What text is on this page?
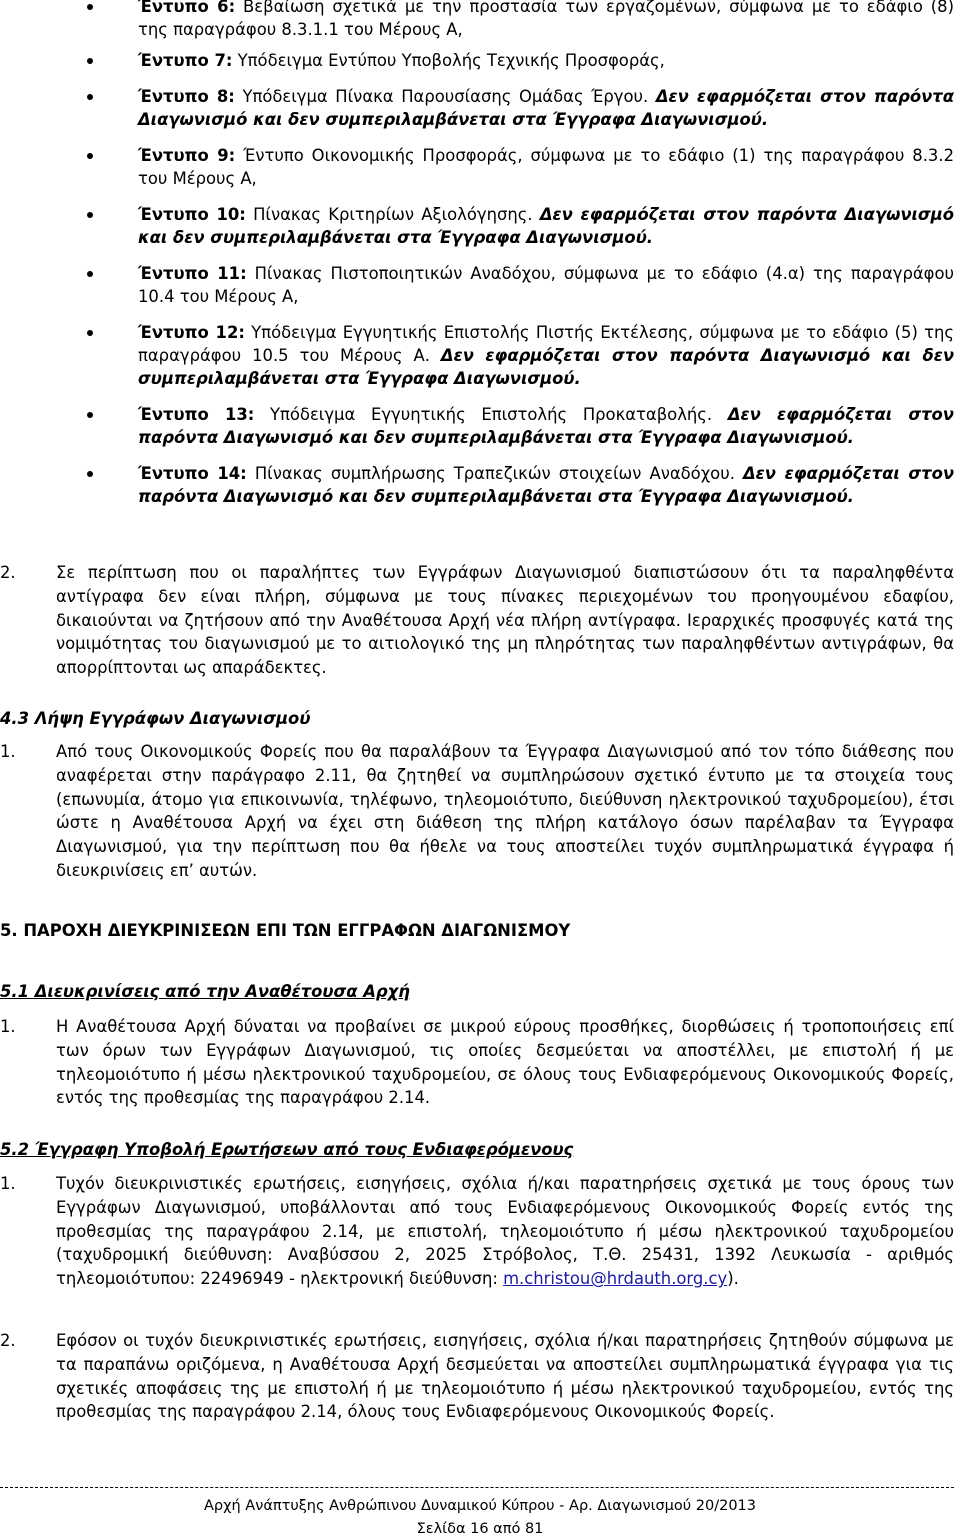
Έντυπο 6: Βεβαίωση σχετικά με την προστασία των εργαζομένων, σύμφωνα με το εδάφιο (8) της παραγράφου 8.3.1.1 του Μέρους Α,
Έντυπο 7: Υπόδειγμα Εντύπου Υποβολής Τεχνικής Προσφοράς,
Έντυπο 8: Υπόδειγμα Πίνακα Παρουσίασης Ομάδας Έργου. Δεν εφαρμόζεται στον παρόντα Διαγωνισμό και δεν συμπεριλαμβάνεται στα Έγγραφα Διαγωνισμού.
Έντυπο 9: Έντυπο Οικονομικής Προσφοράς, σύμφωνα με το εδάφιο (1) της παραγράφου 8.3.2 του Μέρους Α,
Έντυπο 10: Πίνακας Κριτηρίων Αξιολόγησης. Δεν εφαρμόζεται στον παρόντα Διαγωνισμό και δεν συμπεριλαμβάνεται στα Έγγραφα Διαγωνισμού.
Έντυπο 11: Πίνακας Πιστοποιητικών Αναδόχου, σύμφωνα με το εδάφιο (4.α) της παραγράφου 10.4 του Μέρους Α,
Έντυπο 12: Υπόδειγμα Εγγυητικής Επιστολής Πιστής Εκτέλεσης, σύμφωνα με το εδάφιο (5) της παραγράφου 10.5 του Μέρους Α. Δεν εφαρμόζεται στον παρόντα Διαγωνισμό και δεν συμπεριλαμβάνεται στα Έγγραφα Διαγωνισμού.
Έντυπο 13: Υπόδειγμα Εγγυητικής Επιστολής Προκαταβολής. Δεν εφαρμόζεται στον παρόντα Διαγωνισμό και δεν συμπεριλαμβάνεται στα Έγγραφα Διαγωνισμού.
Έντυπο 14: Πίνακας συμπλήρωσης Τραπεζικών στοιχείων Αναδόχου. Δεν εφαρμόζεται στον παρόντα Διαγωνισμό και δεν συμπεριλαμβάνεται στα Έγγραφα Διαγωνισμού.
2. Σε περίπτωση που οι παραλήπτες των Εγγράφων Διαγωνισμού διαπιστώσουν ότι τα παραληφθέντα αντίγραφα δεν είναι πλήρη, σύμφωνα με τους πίνακες περιεχομένων του προηγουμένου εδαφίου, δικαιούνται να ζητήσουν από την Αναθέτουσα Αρχή νέα πλήρη αντίγραφα. Ιεραρχικές προσφυγές κατά της νομιμότητας του διαγωνισμού με το αιτιολογικό της μη πληρότητας των παραληφθέντων αντιγράφων, θα απορρίπτονται ως απαράδεκτες.
4.3 Λήψη Εγγράφων Διαγωνισμού
1. Από τους Οικονομικούς Φορείς που θα παραλάβουν τα Έγγραφα Διαγωνισμού από τον τόπο διάθεσης που αναφέρεται στην παράγραφο 2.11, θα ζητηθεί να συμπληρώσουν σχετικό έντυπο με τα στοιχεία τους (επωνυμία, άτομο για επικοινωνία, τηλέφωνο, τηλεομοιότυπο, διεύθυνση ηλεκτρονικού ταχυδρομείου), έτσι ώστε η Αναθέτουσα Αρχή να έχει στη διάθεση της πλήρη κατάλογο όσων παρέλαβαν τα Έγγραφα Διαγωνισμού, για την περίπτωση που θα ήθελε να τους αποστείλει τυχόν συμπληρωματικά έγγραφα ή διευκρινίσεις επ’ αυτών.
5. ΠΑΡΟΧΗ ΔΙΕΥΚΡΙΝΙΣΕΩΝ ΕΠΙ ΤΩΝ ΕΓΓΡΑΦΩΝ ΔΙΑΓΩΝΙΣΜΟΥ
5.1 Διευκρινίσεις από την Αναθέτουσα Αρχή
1. Η Αναθέτουσα Αρχή δύναται να προβαίνει σε μικρού εύρους προσθήκες, διορθώσεις ή τροποποιήσεις επί των όρων των Εγγράφων Διαγωνισμού, τις οποίες δεσμεύεται να αποστέλλει, με επιστολή ή με τηλεομοιότυπο ή μέσω ηλεκτρονικού ταχυδρομείου, σε όλους τους Ενδιαφερόμενους Οικονομικούς Φορείς, εντός της προθεσμίας της παραγράφου 2.14.
5.2 Έγγραφη Υποβολή Ερωτήσεων από τους Ενδιαφερόμενους
1. Τυχόν διευκρινιστικές ερωτήσεις, εισηγήσεις, σχόλια ή/και παρατηρήσεις σχετικά με τους όρους των Εγγράφων Διαγωνισμού, υποβάλλονται από τους Ενδιαφερόμενους Οικονομικούς Φορείς εντός της προθεσμίας της παραγράφου 2.14, με επιστολή, τηλεομοιότυπο ή μέσω ηλεκτρονικού ταχυδρομείου (ταχυδρομική διεύθυνση: Αναβύσσου 2, 2025 Στρόβολος, Τ.Θ. 25431, 1392 Λευκωσία - αριθμός τηλεομοιότυπου: 22496949 - ηλεκτρονική διεύθυνση: m.christou@hrdauth.org.cy).
2. Εφόσον οι τυχόν διευκρινιστικές ερωτήσεις, εισηγήσεις, σχόλια ή/και παρατηρήσεις ζητηθούν σύμφωνα με τα παραπάνω οριζόμενα, η Αναθέτουσα Αρχή δεσμεύεται να αποστείλει συμπληρωματικά έγγραφα για τις σχετικές αποφάσεις της με επιστολή ή με τηλεομοιότυπο ή μέσω ηλεκτρονικού ταχυδρομείου, εντός της προθεσμίας της παραγράφου 2.14, όλους τους Ενδιαφερόμενους Οικονομικούς Φορείς.
Αρχή Ανάπτυξης Ανθρώπινου Δυναμικού Κύπρου - Αρ. Διαγωνισμού 20/2013
Σελίδα 16 από 81
